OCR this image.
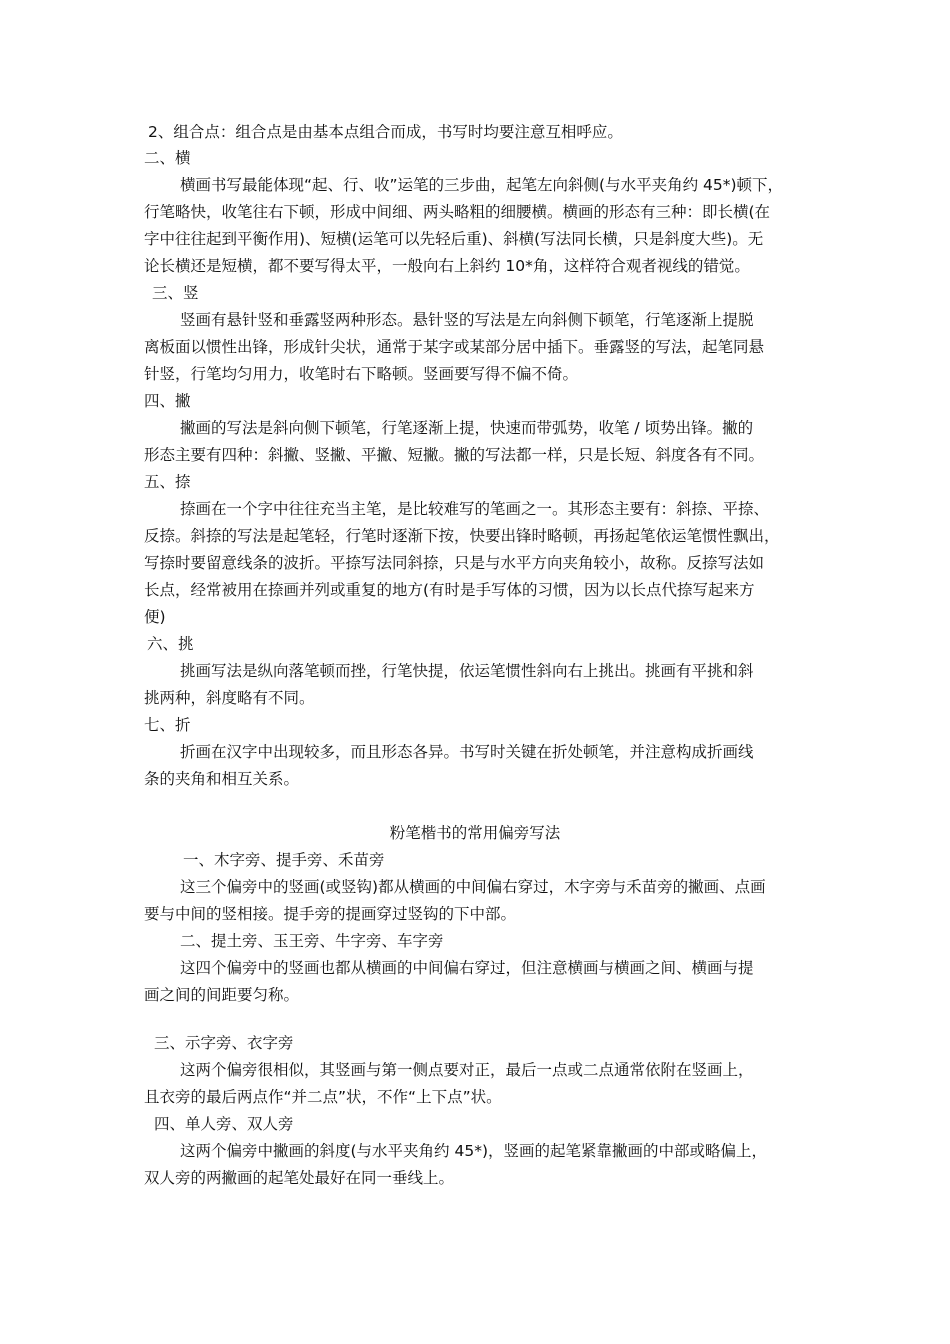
2、组合点：组合点是由基本点组合而成，书写时均要注意互相呼应。
二、横
横画书写最能体现“起、行、收”运笔的三步曲，起笔左向斜侧(与水平夹角约 45*)顿下，
行笔略快，收笔往右下顿，形成中间细、两头略粗的细腰横。横画的形态有三种：即长横(在
字中往往起到平衡作用)、短横(运笔可以先轻后重)、斜横(写法同长横，只是斜度大些)。无
论长横还是短横，都不要写得太平，一般向右上斜约 10*角，这样符合观者视线的错觉。
三、竖
竖画有悬针竖和垂露竖两种形态。悬针竖的写法是左向斜侧下顿笔，行笔逐渐上提脱
离板面以惯性出锋，形成针尖状，通常于某字或某部分居中插下。垂露竖的写法，起笔同悬
针竖，行笔均匀用力，收笔时右下略顿。竖画要写得不偏不倚。
四、撇
撇画的写法是斜向侧下顿笔，行笔逐渐上提，快速而带弧势，收笔 / 顷势出锋。撇的
形态主要有四种：斜撇、竖撇、平撇、短撇。撇的写法都一样，只是长短、斜度各有不同。
五、捺
捺画在一个字中往往充当主笔，是比较难写的笔画之一。其形态主要有：斜捺、平捺、
反捺。斜捺的写法是起笔轻，行笔时逐渐下按，快要出锋时略顿，再扬起笔依运笔惯性飘出，
写捺时要留意线条的波折。平捺写法同斜捺，只是与水平方向夹角较小，故称。反捺写法如
长点，经常被用在捺画并列或重复的地方(有时是手写体的习惯，因为以长点代捺写起来方
便)
六、挑
挑画写法是纵向落笔顿而挫，行笔快提，依运笔惯性斜向右上挑出。挑画有平挑和斜
挑两种，斜度略有不同。
七、折
折画在汉字中出现较多，而且形态各异。书写时关键在折处顿笔，并注意构成折画线
条的夹角和相互关系。
粉笔楷书的常用偏旁写法
一、木字旁、提手旁、禾苗旁
这三个偏旁中的竖画(或竖钩)都从横画的中间偏右穿过，木字旁与禾苗旁的撇画、点画
要与中间的竖相接。提手旁的提画穿过竖钩的下中部。
二、提土旁、玉王旁、牛字旁、车字旁
这四个偏旁中的竖画也都从横画的中间偏右穿过，但注意横画与横画之间、横画与提
画之间的间距要匀称。
三、示字旁、衣字旁
这两个偏旁很相似，其竖画与第一侧点要对正，最后一点或二点通常依附在竖画上，
且衣旁的最后两点作“并二点”状，不作“上下点”状。
四、单人旁、双人旁
这两个偏旁中撇画的斜度(与水平夹角约 45*)，竖画的起笔紧靠撇画的中部或略偏上，
双人旁的两撇画的起笔处最好在同一垂线上。
